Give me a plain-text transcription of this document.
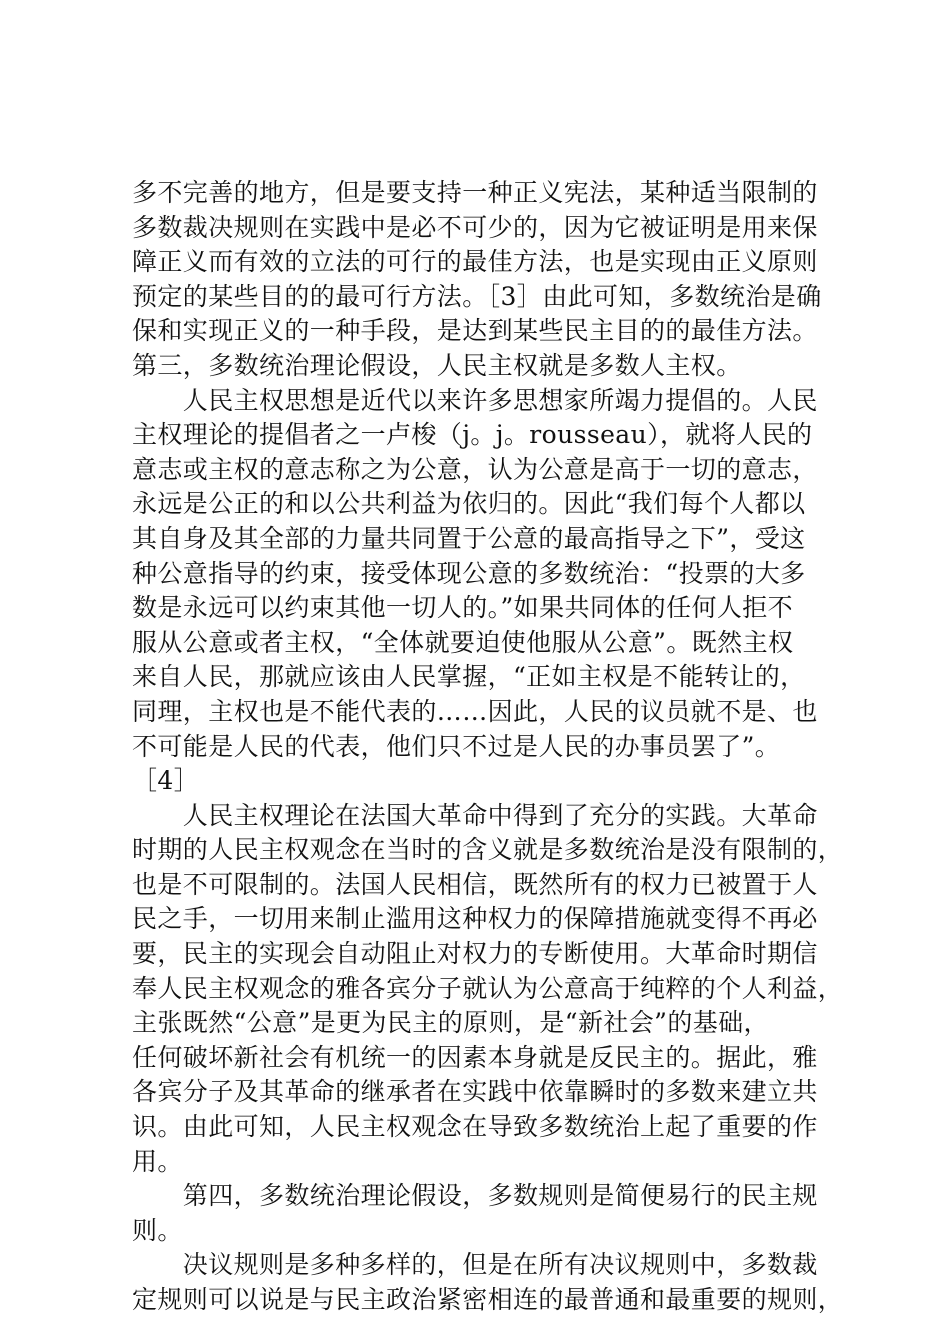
多不完善的地方，但是要支持一种正义宪法，某种适当限制的
多数裁决规则在实践中是必不可少的，因为它被证明是用来保
障正义而有效的立法的可行的最佳方法，也是实现由正义原则
预定的某些目的的最可行方法。［3］由此可知，多数统治是确
保和实现正义的一种手段，是达到某些民主目的的最佳方法。
第三，多数统治理论假设，人民主权就是多数人主权。
　　人民主权思想是近代以来许多思想家所竭力提倡的。人民
主权理论的提倡者之一卢梭（j。j。rousseau），就将人民的
意志或主权的意志称之为公意，认为公意是高于一切的意志，
永远是公正的和以公共利益为依归的。因此“我们每个人都以
其自身及其全部的力量共同置于公意的最高指导之下”，受这
种公意指导的约束，接受体现公意的多数统治：“投票的大多
数是永远可以约束其他一切人的。”如果共同体的任何人拒不
服从公意或者主权，“全体就要迫使他服从公意”。既然主权
来自人民，那就应该由人民掌握，“正如主权是不能转让的，
同理，主权也是不能代表的……因此，人民的议员就不是、也
不可能是人民的代表，他们只不过是人民的办事员罢了”。
［4］
　　人民主权理论在法国大革命中得到了充分的实践。大革命
时期的人民主权观念在当时的含义就是多数统治是没有限制的，
也是不可限制的。法国人民相信，既然所有的权力已被置于人
民之手，一切用来制止滥用这种权力的保障措施就变得不再必
要，民主的实现会自动阻止对权力的专断使用。大革命时期信
奉人民主权观念的雅各宾分子就认为公意高于纯粹的个人利益，
主张既然“公意”是更为民主的原则，是“新社会”的基础，
任何破坏新社会有机统一的因素本身就是反民主的。据此，雅
各宾分子及其革命的继承者在实践中依靠瞬时的多数来建立共
识。由此可知，人民主权观念在导致多数统治上起了重要的作
用。
　　第四，多数统治理论假设，多数规则是简便易行的民主规
则。
　　决议规则是多种多样的，但是在所有决议规则中，多数裁
定规则可以说是与民主政治紧密相连的最普通和最重要的规则，
